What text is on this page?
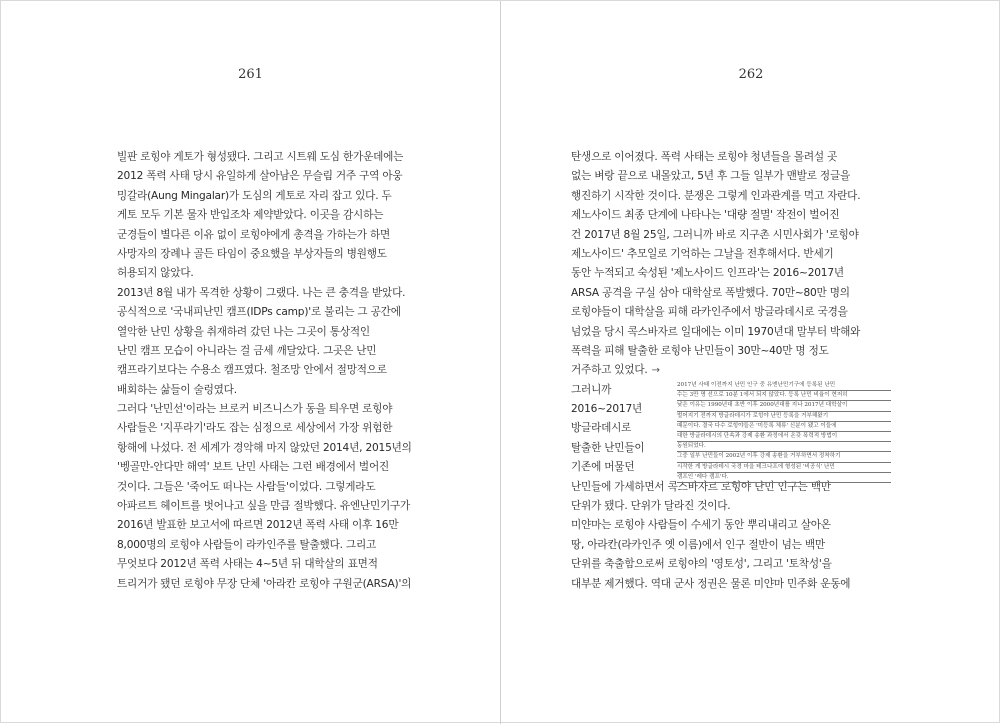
261
빌판 로힝야 게토가 형성됐다. 그리고 시트웨 도심 한가운데에는
2012 폭력 사태 당시 유일하게 살아남은 무슬림 거주 구역 아웅
밍갈라(Aung Mingalar)가 도심의 게토로 자리 잡고 있다. 두
게토 모두 기본 물자 반입조차 제약받았다. 이곳을 감시하는
군경들이 별다른 이유 없이 로힝야에게 총격을 가하는가 하면
사망자의 장례나 골든 타임이 중요했을 부상자들의 병원행도
허용되지 않았다.
2013년 8월 내가 목격한 상황이 그랬다. 나는 큰 충격을 받았다.
공식적으로 '국내피난민 캠프(IDPs camp)'로 불리는 그 공간에
열악한 난민 상황을 취재하려 갔던 나는 그곳이 통상적인
난민 캠프 모습이 아니라는 걸 금세 깨달았다. 그곳은 난민
캠프라기보다는 수용소 캠프였다. 철조망 안에서 절망적으로
배회하는 삶들이 술렁였다.
그러다 '난민선'이라는 브로커 비즈니스가 동을 틔우면 로힝야
사람들은 '지푸라기'라도 잡는 심정으로 세상에서 가장 위험한
항해에 나섰다. 전 세계가 경악해 마지 않았던 2014년, 2015년의
'벵골만-안다만 해역' 보트 난민 사태는 그런 배경에서 벌어진
것이다. 그들은 '죽어도 떠나는 사람들'이었다. 그렇게라도
아파르트 헤이트를 벗어나고 싶을 만큼 절박했다. 유엔난민기구가
2016년 발표한 보고서에 따르면 2012년 폭력 사태 이후 16만
8,000명의 로힝야 사람들이 라카인주를 탈출했다. 그리고
무엇보다 2012년 폭력 사태는 4~5년 뒤 대학살의 표면적
트리거가 됐던 로힝야 무장 단체 '아라칸 로힝야 구원군(ARSA)'의
262
탄생으로 이어졌다. 폭력 사태는 로힝야 청년들을 몰려설 곳
없는 벼랑 끝으로 내몰았고, 5년 후 그들 일부가 맨발로 정글을
행진하기 시작한 것이다. 분쟁은 그렇게 인과관계를 먹고 자란다.
제노사이드 최종 단계에 나타나는 '대량 절멸' 작전이 벌어진
건 2017년 8월 25일, 그러니까 바로 지구촌 시민사회가 '로힝야
제노사이드' 추모일로 기억하는 그날을 전후해서다. 반세기
동안 누적되고 숙성된 '제노사이드 인프라'는 2016~2017년
ARSA 공격을 구실 삼아 대학살로 폭발했다. 70만~80만 명의
로힝야들이 대학살을 피해 라카인주에서 방글라데시로 국경을
넘었을 당시 콕스바자르 일대에는 이미 1970년대 말부터 박해와
폭력을 피해 탈출한 로힝야 난민들이 30만~40만 명 정도
거주하고 있었다. →
그러니까
2016~2017년
방글라데시로
탈출한 난민들이
기존에 머물던
난민들에 가세하면서 콕스바자르 로힝야 난민 인구는 백만
단위가 됐다. 단위가 달라진 것이다.
미얀마는 로힝야 사람들이 수세기 동안 뿌리내리고 살아온
땅, 아라칸(라카인주 옛 이름)에서 인구 절반이 넘는 백만
단위를 축출함으로써 로힝야의 '영토성', 그리고 '토착성'을
대부분 제거했다. 역대 군사 정권은 물론 미얀마 민주화 운동에
2017년 사태 이전까지 난민 인구 중 유엔난민기구에 등록된 난민
수는 3만 명 선으로 10분 1에서 되지 않았다. 등록 난민 비율이 현저히
낮은 이유는 1990년대 초반 이후 2000년대를 지나 2017년 대학살이
벌어지기 전까지 방글라데시가 로힝야 난민 등록을 거부해왔기
때문이다. 결국 다수 로힝야들은 '미등록 체류' 신분이 됐고 이들에
대한 방글라데시의 단속과 강제 송환 과정에서 온갖 폭력적 방법이
동원되었다.
그중 일부 난민들이 2002년 이후 강제 송환을 거부하면서 정착하기
시작한 게 방글라데시 국경 마을 테크나프에 형성된 '비공식' 난민
캠프인 '레다 캠프'다.
